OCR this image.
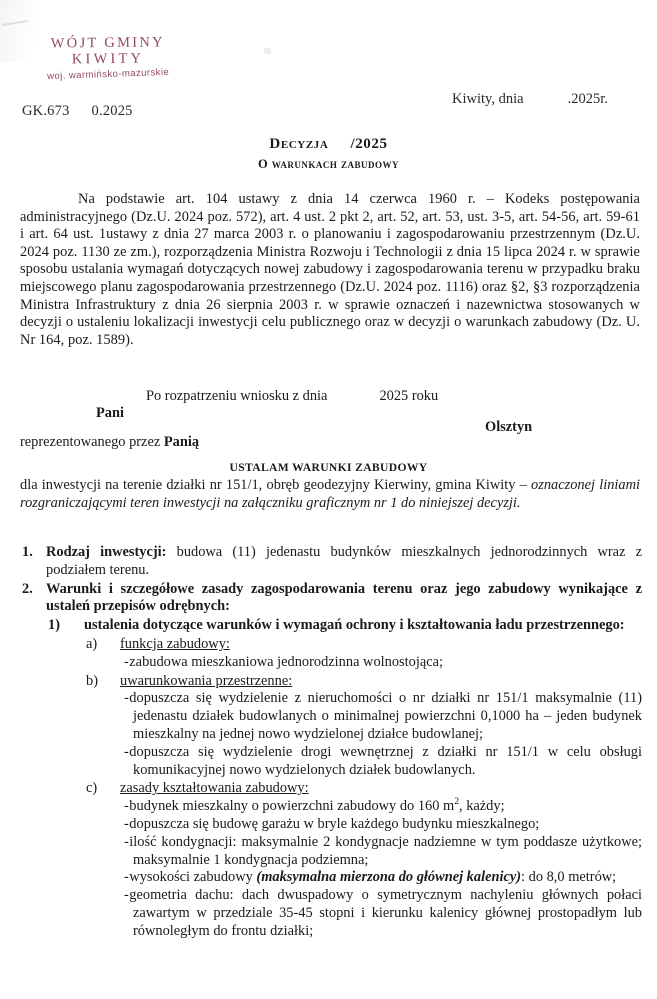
WÓJT GMINY
KIWITY
woj. warmińsko-mazurskie
GK.673 0.2025
Kiwity, dnia	.2025r.
Decyzja /2025
O warunkach zabudowy

Na podstawie art. 104 ustawy z dnia 14 czerwca 1960 r. – Kodeks postępowania administracyjnego (Dz.U. 2024 poz. 572), art. 4 ust. 2 pkt 2, art. 52, art. 53, ust. 3-5, art. 54-56, art. 59-61 i art. 64 ust. 1ustawy z dnia 27 marca 2003 r. o planowaniu i zagospodarowaniu przestrzennym (Dz.U. 2024 poz. 1130 ze zm.), rozporządzenia Ministra Rozwoju i Technologii z dnia 15 lipca 2024 r. w sprawie sposobu ustalania wymagań dotyczących nowej zabudowy i zagospodarowania terenu w przypadku braku miejscowego planu zagospodarowania przestrzennego (Dz.U. 2024 poz. 1116) oraz §2, §3 rozporządzenia Ministra Infrastruktury z dnia 26 sierpnia 2003 r. w sprawie oznaczeń i nazewnictwa stosowanych w decyzji o ustaleniu lokalizacji inwestycji celu publicznego oraz w decyzji o warunkach zabudowy (Dz. U. Nr 164, poz. 1589).

Po rozpatrzeniu wniosku z dnia	2025 roku
Pani
Olsztyn
reprezentowanego przez Panią
USTALAM WARUNKI ZABUDOWY
dla inwestycji na terenie działki nr 151/1, obręb geodezyjny Kierwiny, gmina Kiwity – oznaczonej liniami rozgraniczającymi teren inwestycji na załączniku graficznym nr 1 do niniejszej decyzji.
1. Rodzaj inwestycji: budowa (11) jedenastu budynków mieszkalnych jednorodzinnych wraz z podziałem terenu.
2. Warunki i szczegółowe zasady zagospodarowania terenu oraz jego zabudowy wynikające z ustaleń przepisów odrębnych:
1) ustalenia dotyczące warunków i wymagań ochrony i kształtowania ładu przestrzennego:
a) funkcja zabudowy:
-zabudowa mieszkaniowa jednorodzinna wolnostojąca;
b) uwarunkowania przestrzenne:
-dopuszcza się wydzielenie z nieruchomości o nr działki nr 151/1 maksymalnie (11) jedenastu działek budowlanych o minimalnej powierzchni 0,1000 ha – jeden budynek mieszkalny na jednej nowo wydzielonej działce budowlanej;
-dopuszcza się wydzielenie drogi wewnętrznej z działki nr 151/1 w celu obsługi komunikacyjnej nowo wydzielonych działek budowlanych.
c) zasady kształtowania zabudowy:
-budynek mieszkalny o powierzchni zabudowy do 160 $m^2$, każdy;
-dopuszcza się budowę garażu w bryle każdego budynku mieszkalnego;
-ilość kondygnacji: maksymalnie 2 kondygnacje nadziemne w tym poddasze użytkowe; maksymalnie 1 kondygnacja podziemna;
-wysokości zabudowy (maksymalna mierzona do głównej kalenicy): do 8,0 metrów;
-geometria dachu: dach dwuspadowy o symetrycznym nachyleniu głównych połaci zawartym w przedziale 35-45 stopni i kierunku kalenicy głównej prostopadłym lub równoległym do frontu działki;
